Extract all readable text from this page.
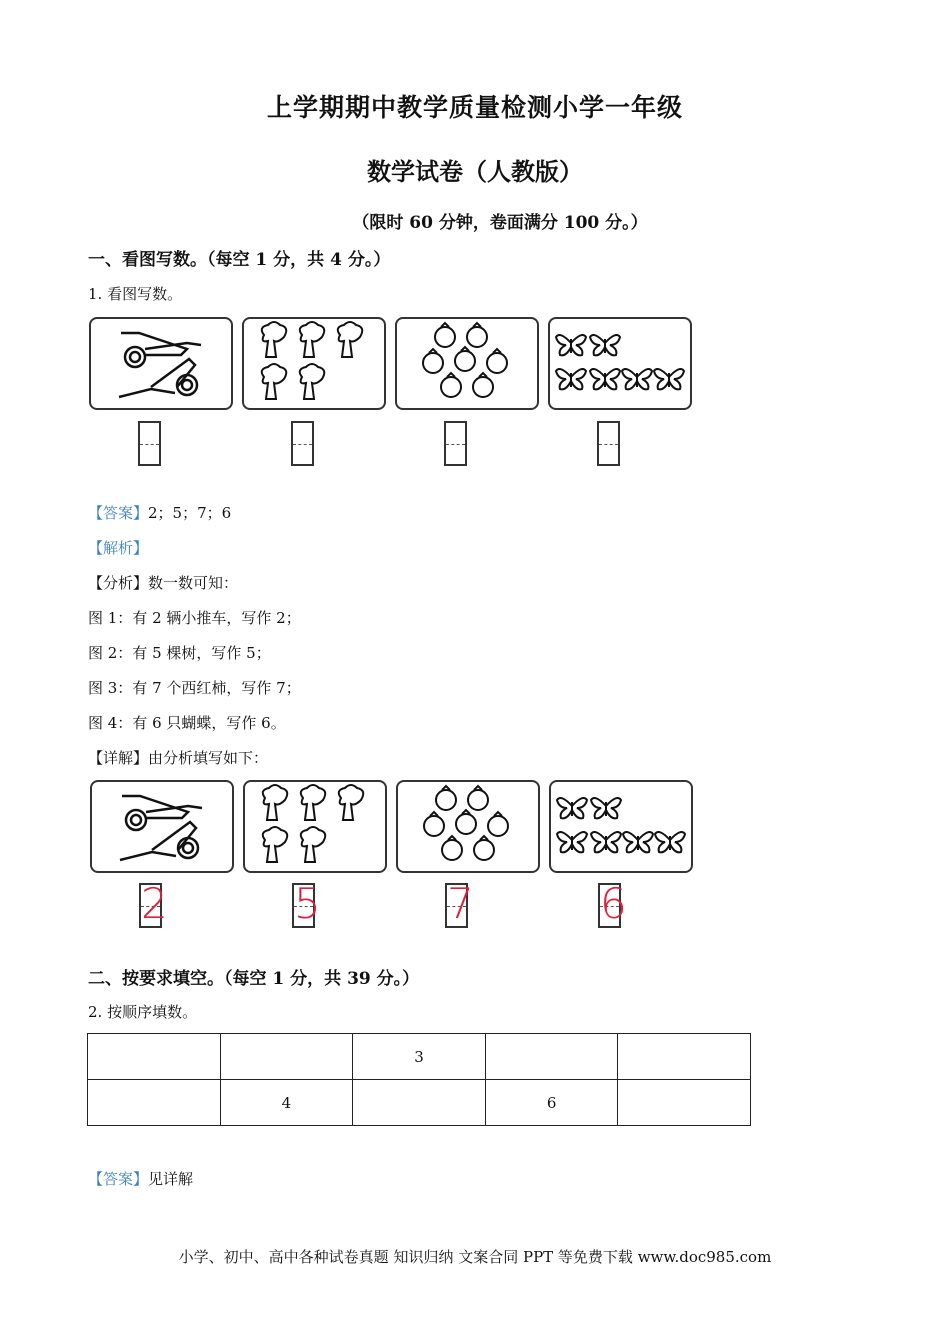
上学期期中教学质量检测小学一年级
数学试卷（人教版）
（限时 60 分钟，卷面满分 100 分。）
一、看图写数。（每空 1 分，共 4 分。）
1. 看图写数。
【答案】2；5；7；6
【解析】
【分析】数一数可知：
图 1：有 2 辆小推车，写作 2；
图 2：有 5 棵树，写作 5；
图 3：有 7 个西红柿，写作 7；
图 4：有 6 只蝴蝶，写作 6。
【详解】由分析填写如下：
2	5	7	6
二、按要求填空。（每空 1 分，共 39 分。）
2. 按顺序填数。
		3		
	4		6	
【答案】见详解
小学、初中、高中各种试卷真题 知识归纳 文案合同 PPT 等免费下载 www.doc985.com
